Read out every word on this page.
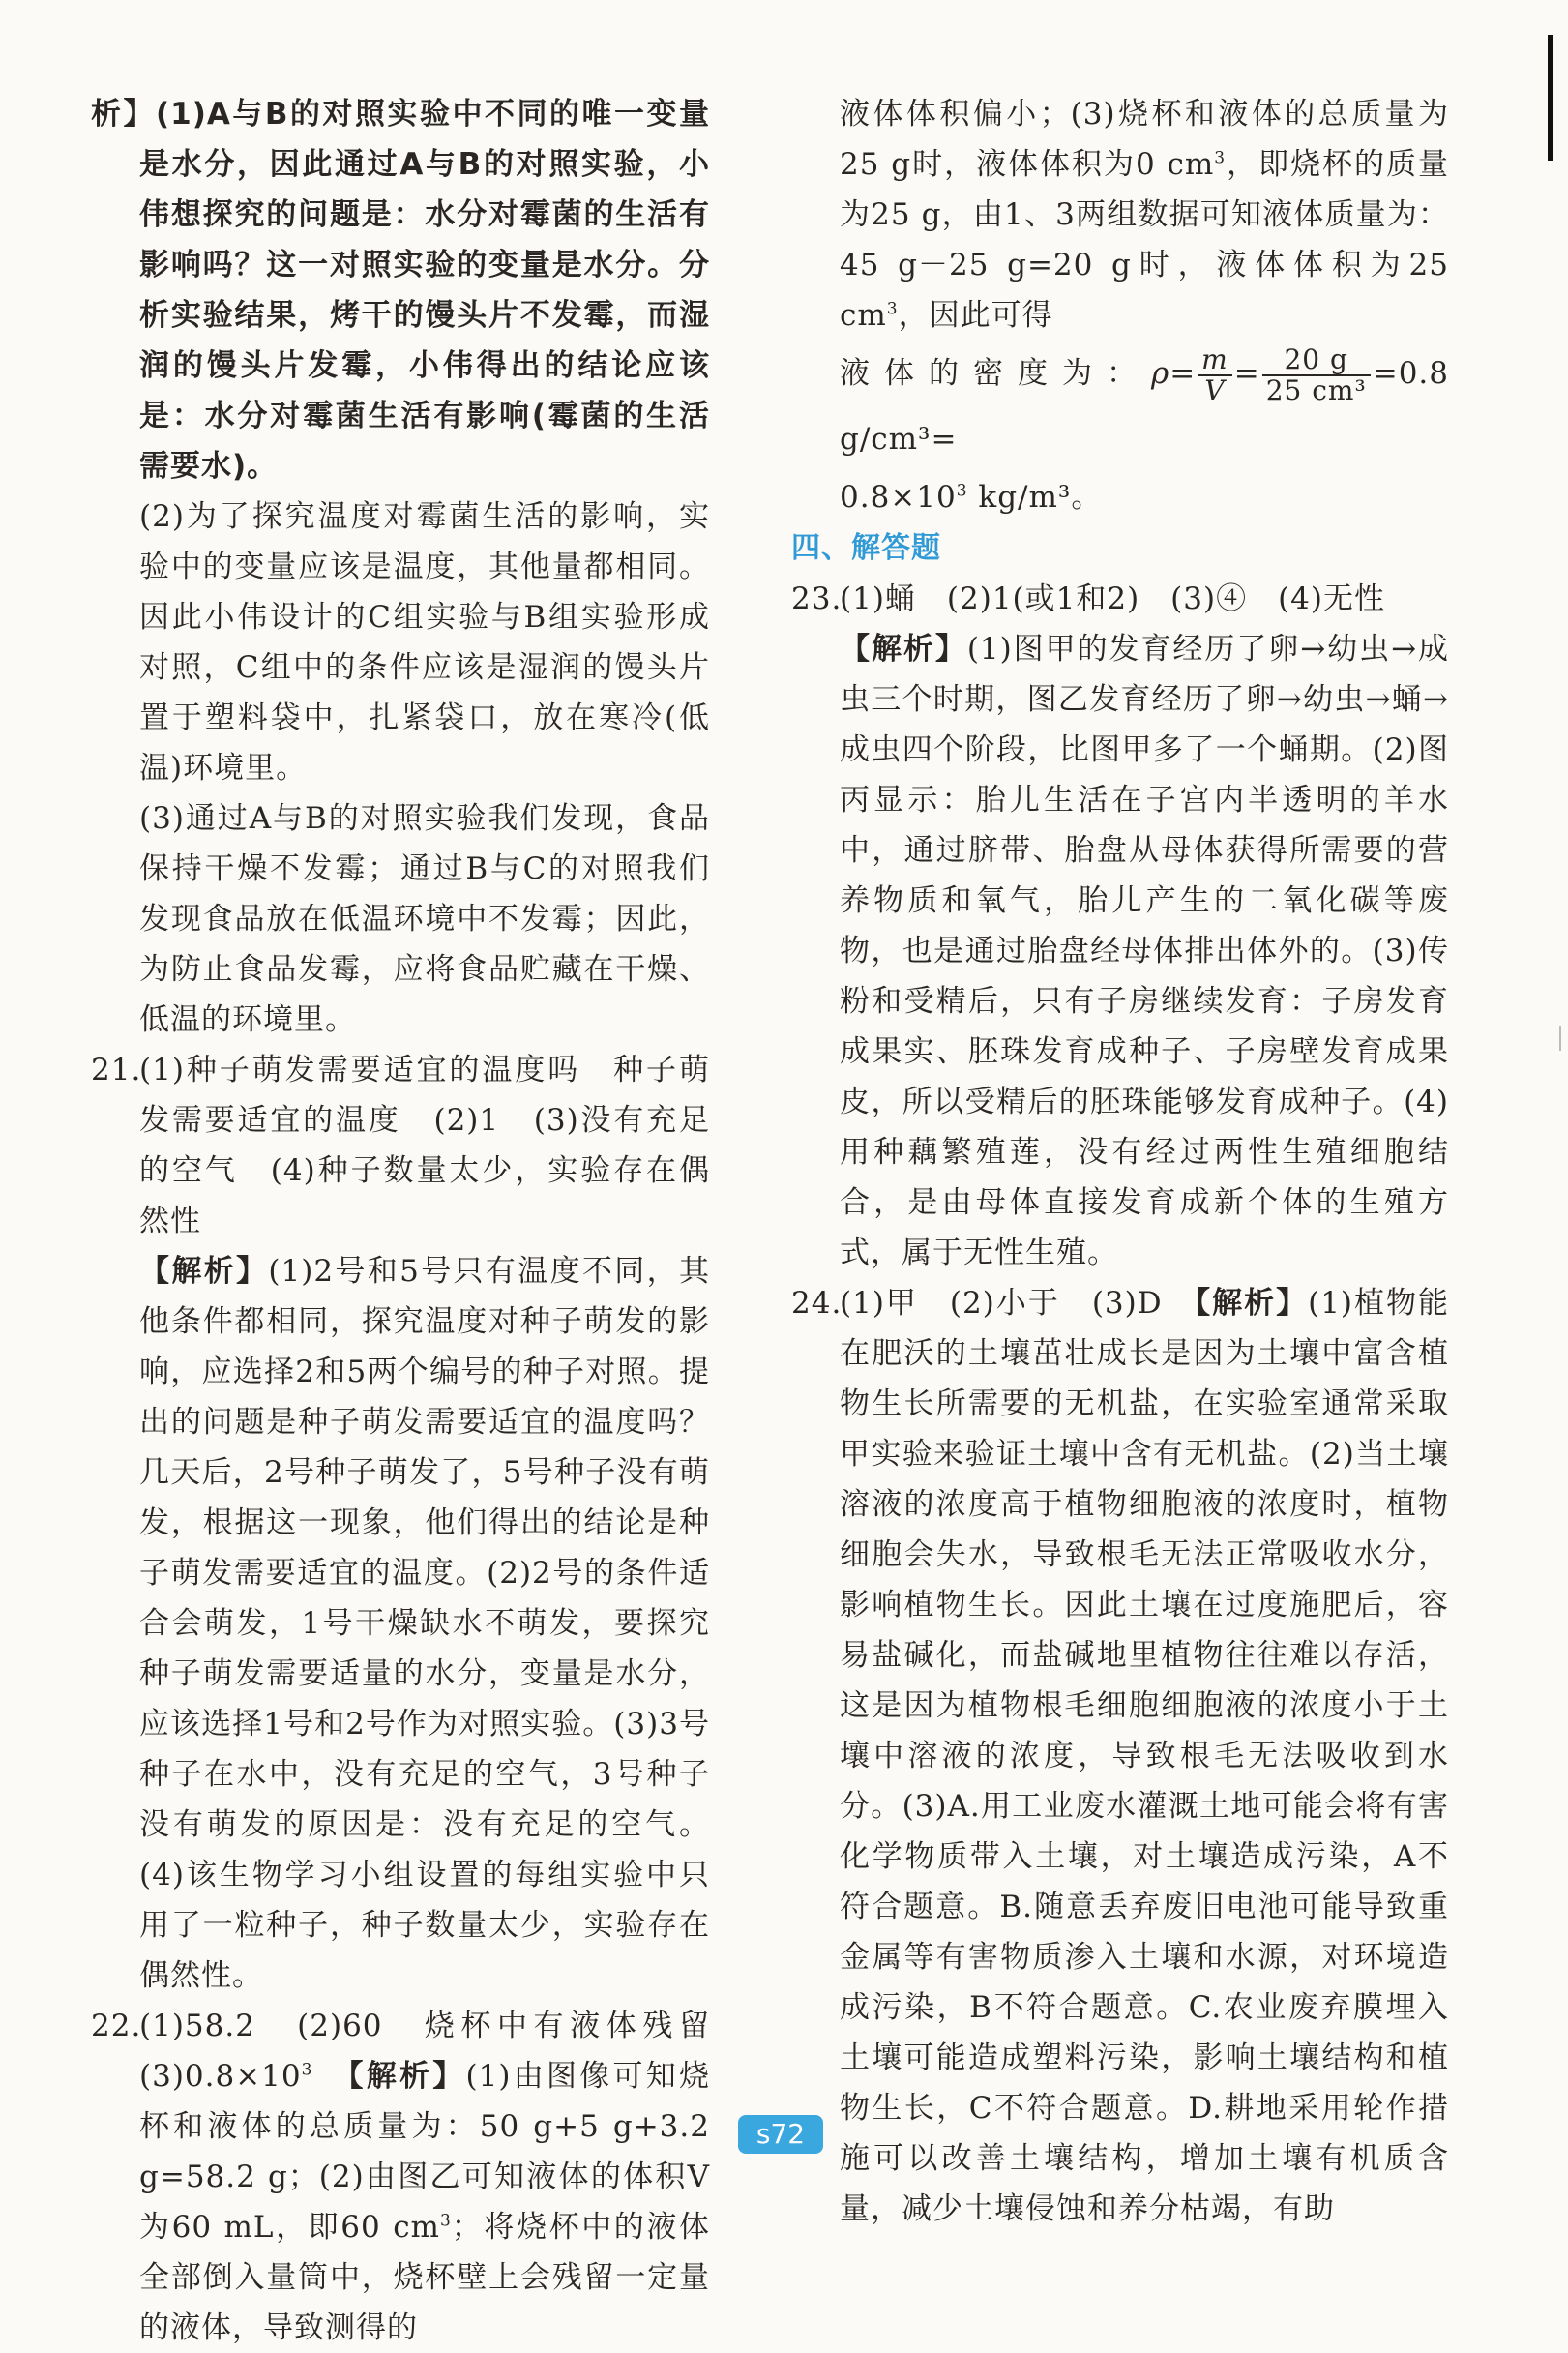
析】(1)A与B的对照实验中不同的唯一变量是水分，因此通过A与B的对照实验，小伟想探究的问题是：水分对霉菌的生活有影响吗？这一对照实验的变量是水分。分析实验结果，烤干的馒头片不发霉，而湿润的馒头片发霉，小伟得出的结论应该是：水分对霉菌生活有影响(霉菌的生活需要水)。

(2)为了探究温度对霉菌生活的影响，实验中的变量应该是温度，其他量都相同。因此小伟设计的C组实验与B组实验形成对照，C组中的条件应该是湿润的馒头片置于塑料袋中，扎紧袋口，放在寒冷(低温)环境里。

(3)通过A与B的对照实验我们发现，食品保持干燥不发霉；通过B与C的对照我们发现食品放在低温环境中不发霉；因此，为防止食品发霉，应将食品贮藏在干燥、低温的环境里。

21.(1)种子萌发需要适宜的温度吗　种子萌发需要适宜的温度　(2)1　(3)没有充足的空气　(4)种子数量太少，实验存在偶然性
【解析】(1)2号和5号只有温度不同，其他条件都相同，探究温度对种子萌发的影响，应选择2和5两个编号的种子对照。提出的问题是种子萌发需要适宜的温度吗？几天后，2号种子萌发了，5号种子没有萌发，根据这一现象，他们得出的结论是种子萌发需要适宜的温度。(2)2号的条件适合会萌发，1号干燥缺水不萌发，要探究种子萌发需要适量的水分，变量是水分，应该选择1号和2号作为对照实验。(3)3号种子在水中，没有充足的空气，3号种子没有萌发的原因是：没有充足的空气。(4)该生物学习小组设置的每组实验中只用了一粒种子，种子数量太少，实验存在偶然性。

22.(1)58.2　(2)60　烧杯中有液体残留　$(3)0.8\times 10^3$　 【解析】(1)由图像可知烧杯和液体的总质量为：50 g+5 g+3.2 g=58.2 g；(2)由图乙可知液体的体积V为60 mL，即60 $cm^3$；将烧杯中的液体全部倒入量筒中，烧杯壁上会残留一定量的液体，导致测得的

液体体积偏小；(3)烧杯和液体的总质量为25 g时，液体体积为0 $cm^3$，即烧杯的质量为25 g，由1、3两组数据可知液体质量为：45 g－25 g=20 g时，液体体积为25 $cm^3$，因此可得

液体的密度为：$\rho= \frac{m}{V} = \frac{20 g}{\text{25 cm³}} =0.8$ g/cm³=

$0.8\times 10^3$ kg/m³。

四、解答题

23.(1)蛹　(2)1(或1和2)　(3)④　(4)无性
【解析】(1)图甲的发育经历了卵→幼虫→成虫三个时期，图乙发育经历了卵→幼虫→蛹→成虫四个阶段，比图甲多了一个蛹期。(2)图丙显示：胎儿生活在子宫内半透明的羊水中，通过脐带、胎盘从母体获得所需要的营养物质和氧气，胎儿产生的二氧化碳等废物，也是通过胎盘经母体排出体外的。(3)传粉和受精后，只有子房继续发育：子房发育成果实、胚珠发育成种子、子房壁发育成果皮，所以受精后的胚珠能够发育成种子。(4)用种藕繁殖莲，没有经过两性生殖细胞结合，是由母体直接发育成新个体的生殖方式，属于无性生殖。

24.(1)甲　(2)小于　(3)D　 【解析】(1)植物能在肥沃的土壤茁壮成长是因为土壤中富含植物生长所需要的无机盐，在实验室通常采取甲实验来验证土壤中含有无机盐。(2)当土壤溶液的浓度高于植物细胞液的浓度时，植物细胞会失水，导致根毛无法正常吸收水分，影响植物生长。因此土壤在过度施肥后，容易盐碱化，而盐碱地里植物往往难以存活，这是因为植物根毛细胞细胞液的浓度小于土壤中溶液的浓度，导致根毛无法吸收到水分。(3)A.用工业废水灌溉土地可能会将有害化学物质带入土壤，对土壤造成污染，A不符合题意。B.随意丢弃废旧电池可能导致重金属等有害物质渗入土壤和水源，对环境造成污染，B不符合题意。C.农业废弃膜埋入土壤可能造成塑料污染，影响土壤结构和植物生长，C不符合题意。D.耕地采用轮作措施可以改善土壤结构，增加土壤有机质含量，减少土壤侵蚀和养分枯竭，有助

s72
